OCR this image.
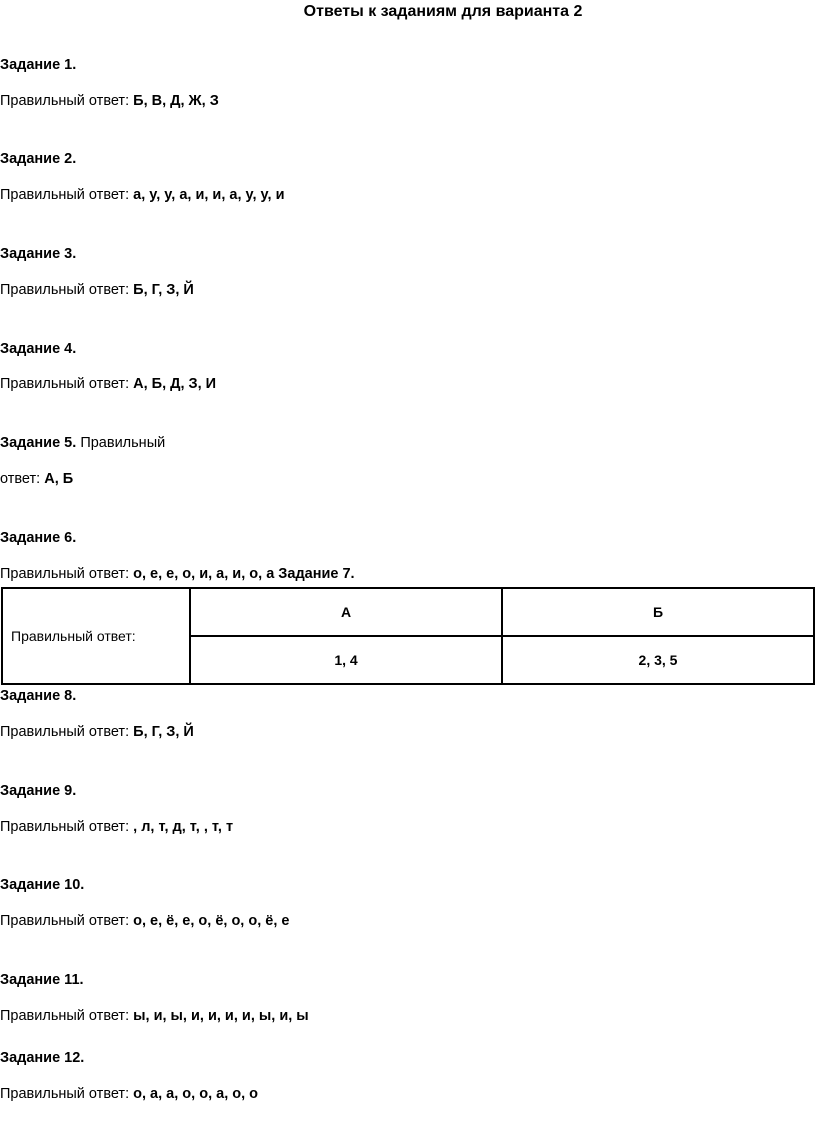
Ответы к заданиям для варианта 2
Задание 1.
Правильный ответ: Б, В, Д, Ж, З
Задание 2.
Правильный ответ: а, у, у, а, и, и, а, у, у, и
Задание 3.
Правильный ответ: Б, Г, З, Й
Задание 4.
Правильный ответ: А, Б, Д, З, И
Задание 5. Правильный
ответ: А, Б
Задание 6.
Правильный ответ: о, е, е, о, и, а, и, о, а Задание 7.
Правильный ответ:	А	Б
	1, 4	2, 3, 5
Задание 8.
Правильный ответ: Б, Г, З, Й
Задание 9.
Правильный ответ: , л, т, д, т, , т, т
Задание 10.
Правильный ответ: о, е, ё, е, о, ё, о, о, ё, е
Задание 11.
Правильный ответ: ы, и, ы, и, и, и, и, ы, и, ы
Задание 12.
Правильный ответ: о, а, а, о, о, а, о, о
